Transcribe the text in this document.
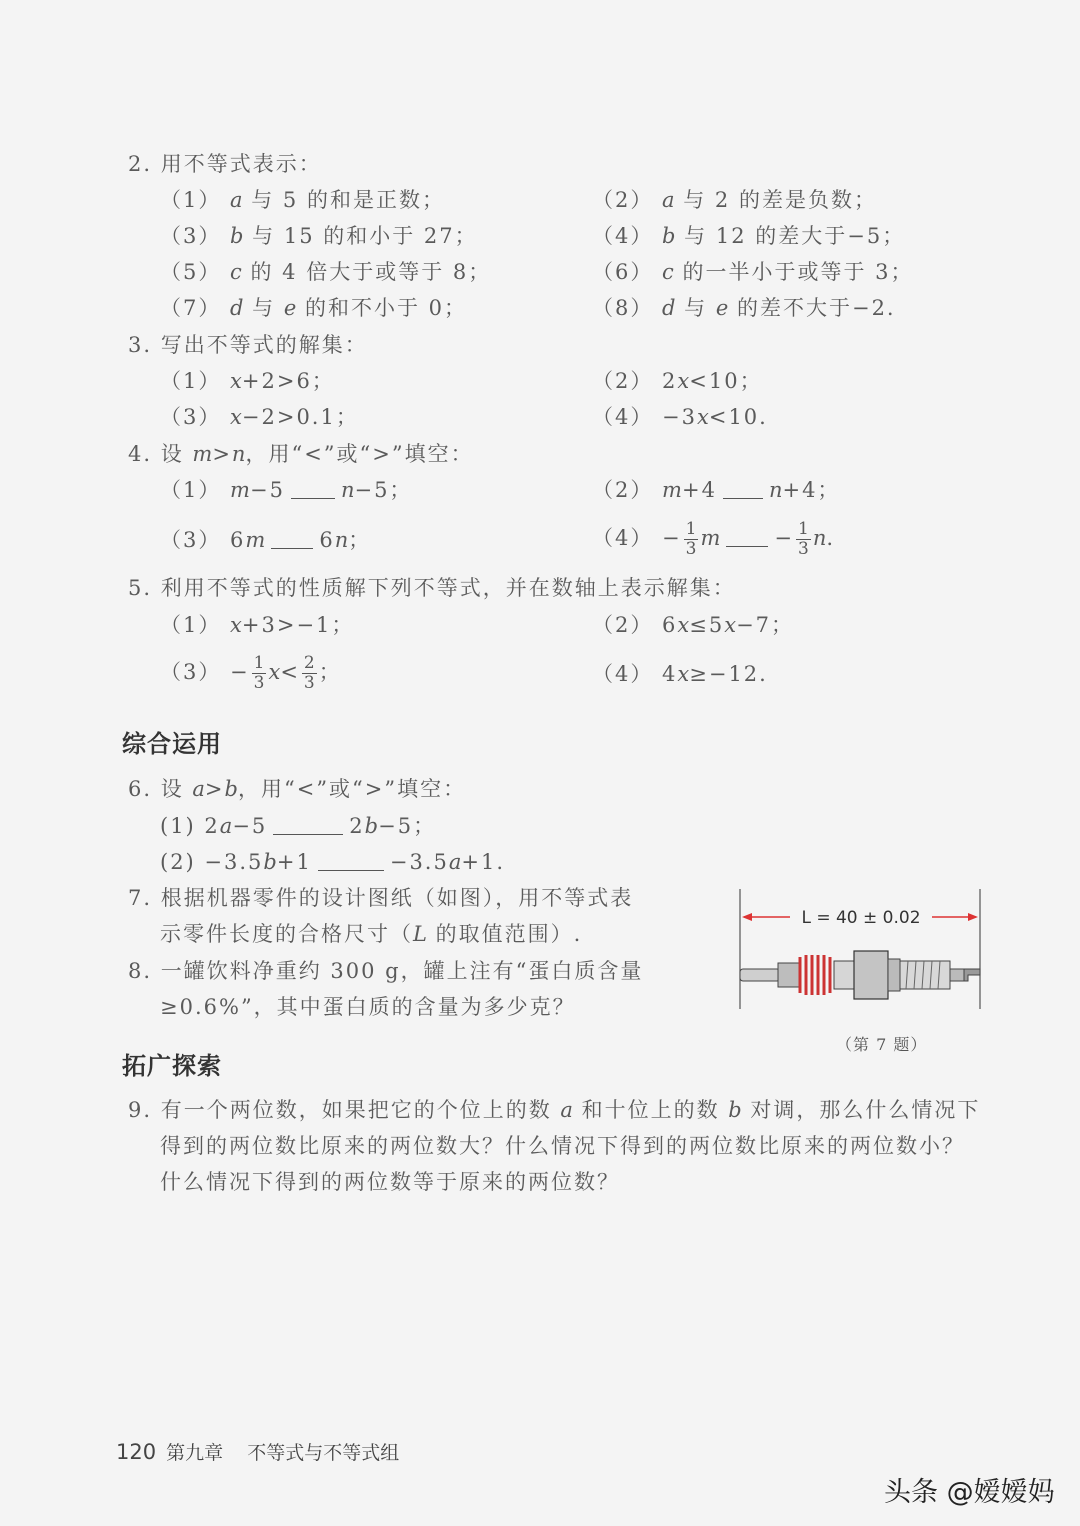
2. 用不等式表示：
（1） a 与 5 的和是正数；	（2） a 与 2 的差是负数；
（3） b 与 15 的和小于 27；	（4） b 与 12 的差大于−5；
（5） c 的 4 倍大于或等于 8；	（6） c 的一半小于或等于 3；
（7） d 与 e 的和不小于 0；	（8） d 与 e 的差不大于−2.
3. 写出不等式的解集：
（1） x+2>6；	（2） 2x<10；
（3） x−2>0.1；	（4） −3x<10.
4. 设 m>n，用“<”或“>”填空：
（1） m−5	n−5；	（2） m+4 n+4；
（3） 6m	6n；	$(4) - \frac{1}{3}$ m	− $\frac{1}{3} n$.
5. 利用不等式的性质解下列不等式，并在数轴上表示解集：
（1） x+3>−1；	（2） 6x≤5x−7；
$(3) - \frac{1}{3} x< \frac{2}{3}$ ；	（4） 4x≥−12.
综合运用
6. 设 a>b，用“<”或“>”填空：
(1) 2a−5	2b−5；
(2) −3.5b+1	−3.5a+1.
7. 根据机器零件的设计图纸（如图），用不等式表
示零件长度的合格尺寸（L 的取值范围）.
8. 一罐饮料净重约 300 g，罐上注有“蛋白质含量
≥0.6%”，其中蛋白质的含量为多少克？
L = 40 ± 0.02
（第 7 题）
拓广探索
9. 有一个两位数，如果把它的个位上的数 a 和十位上的数 b 对调，那么什么情况下
得到的两位数比原来的两位数大？什么情况下得到的两位数比原来的两位数小？
什么情况下得到的两位数等于原来的两位数？
120 第九章 不等式与不等式组
头条 @嫒嫒妈
